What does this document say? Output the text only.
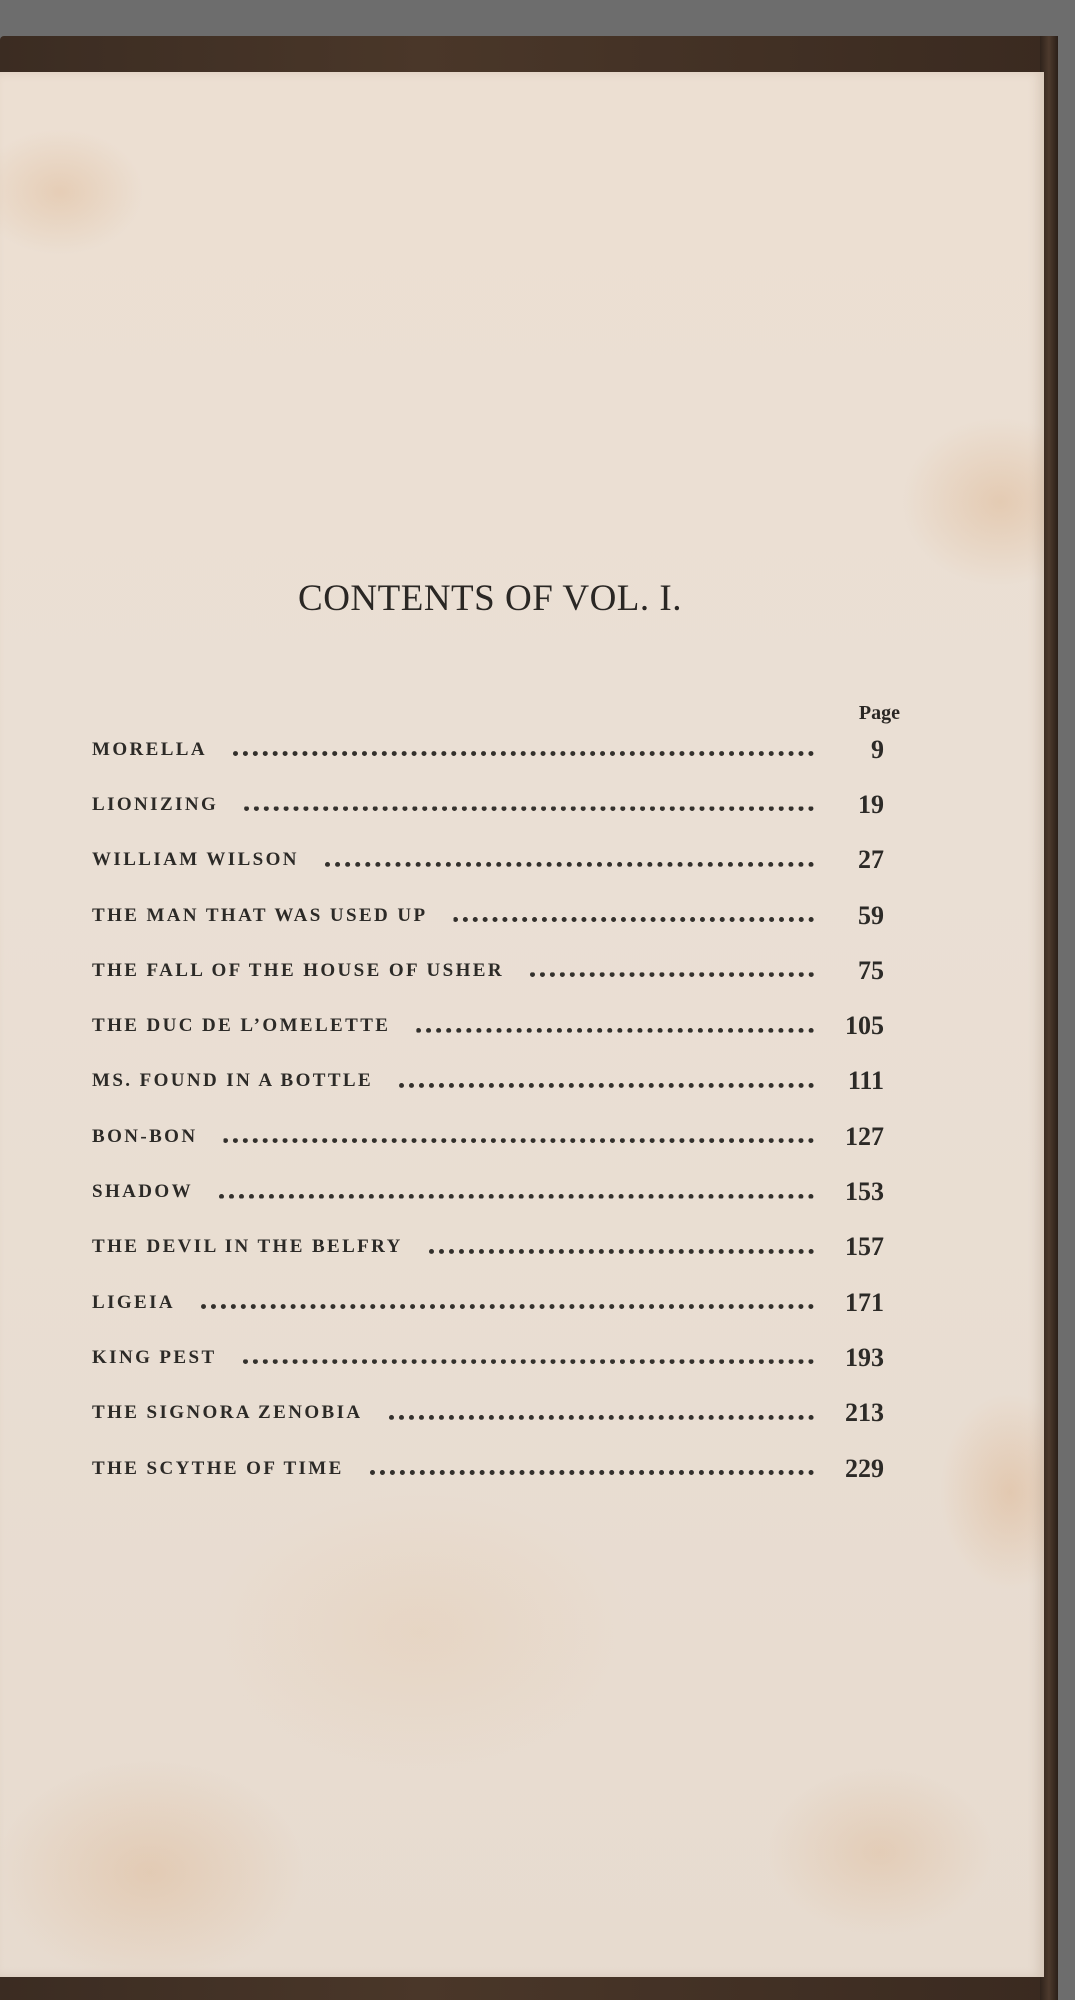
CONTENTS OF VOL. I.
Page
MORELLA	9
LIONIZING	19
WILLIAM WILSON	27
THE MAN THAT WAS USED UP	59
THE FALL OF THE HOUSE OF USHER	75
THE DUC DE L’OMELETTE	105
MS. FOUND IN A BOTTLE	111
BON-BON	127
SHADOW	153
THE DEVIL IN THE BELFRY	157
LIGEIA	171
KING PEST	193
THE SIGNORA ZENOBIA	213
THE SCYTHE OF TIME	229
